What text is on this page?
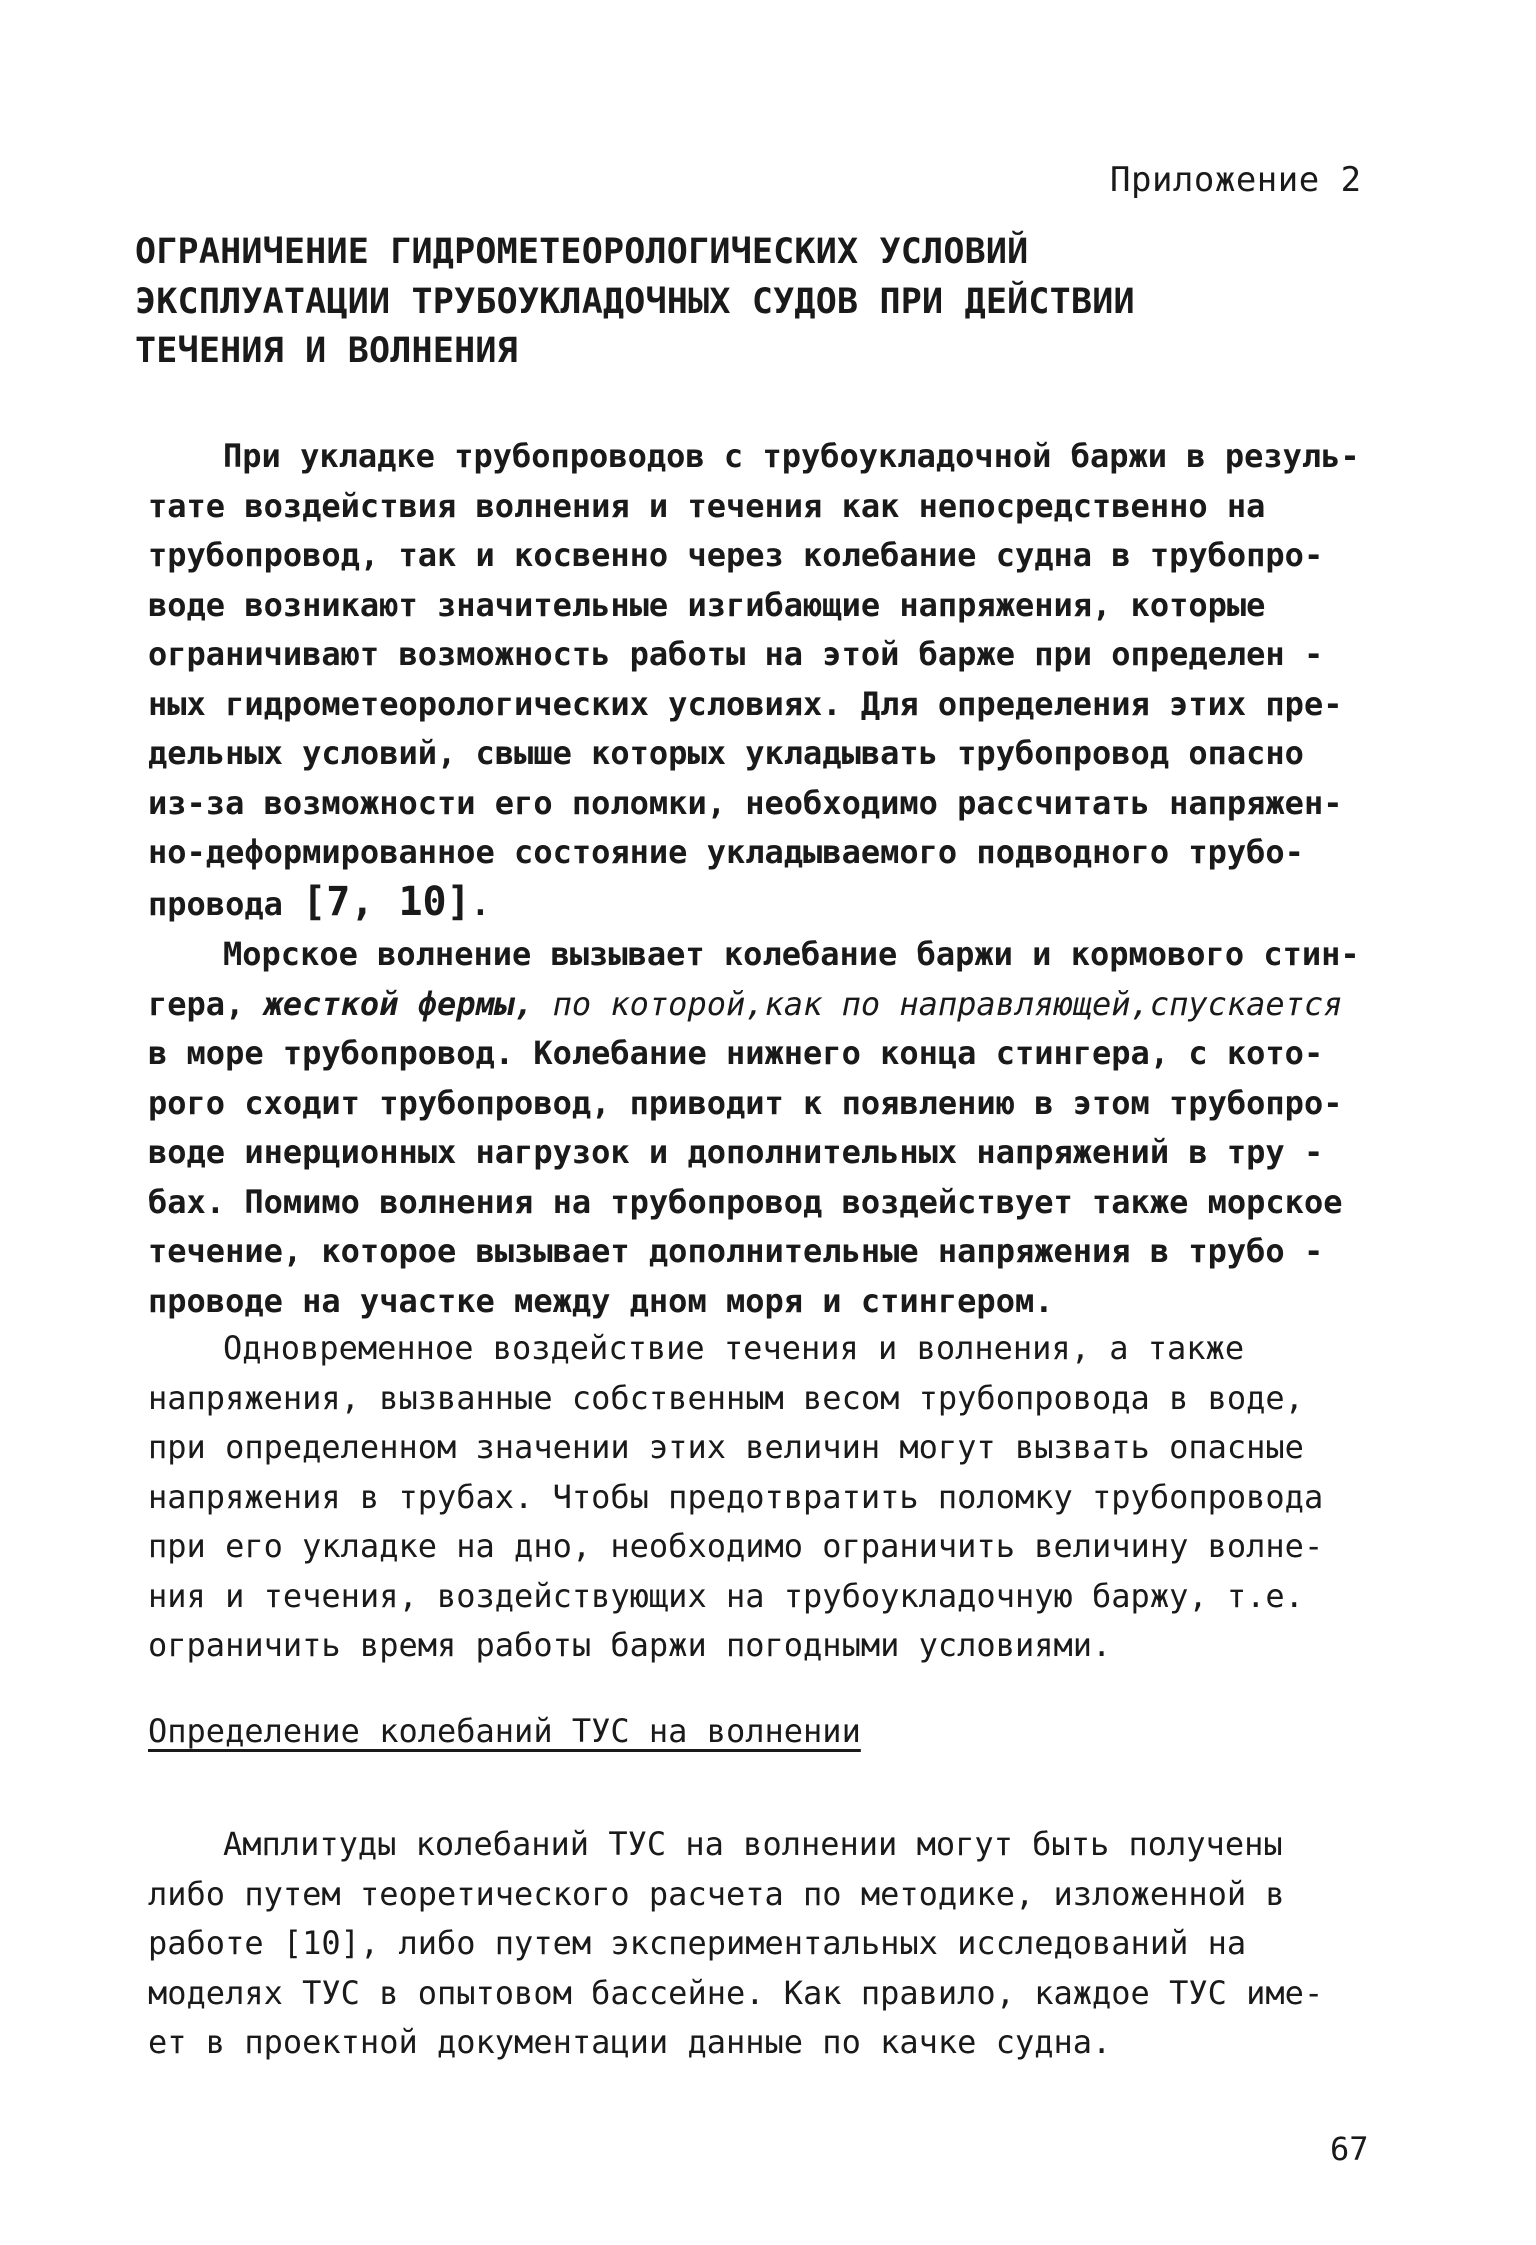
Приложение 2
ОГРАНИЧЕНИЕ ГИДРОМЕТЕОРОЛОГИЧЕСКИХ УСЛОВИЙ
ЭКСПЛУАТАЦИИ ТРУБОУКЛАДОЧНЫХ СУДОВ ПРИ ДЕЙСТВИИ
ТЕЧЕНИЯ И ВОЛНЕНИЯ
При укладке трубопроводов с трубоукладочной баржи в резуль-
тате воздействия волнения и течения как непосредственно на
трубопровод, так и косвенно через колебание судна в трубопро-
воде возникают значительные изгибающие напряжения, которые
ограничивают возможность работы на этой барже при определен -
ных гидрометеорологических условиях. Для определения этих пре-
дельных условий, свыше которых укладывать трубопровод опасно
из-за возможности его поломки, необходимо рассчитать напряжен-
но-деформированное состояние укладываемого подводного трубо-
провода [7, 10].
Морское волнение вызывает колебание баржи и кормового стин-
гера, жесткой фермы, по которой,как по направляющей,спускается
в море трубопровод. Колебание нижнего конца стингера, с кото-
рого сходит трубопровод, приводит к появлению в этом трубопро-
воде инерционных нагрузок и дополнительных напряжений в тру -
бах. Помимо волнения на трубопровод воздействует также морское
течение, которое вызывает дополнительные напряжения в трубо -
проводе на участке между дном моря и стингером.
Одновременное воздействие течения и волнения, а также
напряжения, вызванные собственным весом трубопровода в воде,
при определенном значении этих величин могут вызвать опасные
напряжения в трубах. Чтобы предотвратить поломку трубопровода
при его укладке на дно, необходимо ограничить величину волне-
ния и течения, воздействующих на трубоукладочную баржу, т.е.
ограничить время работы баржи погодными условиями.
Определение колебаний ТУС на волнении
Амплитуды колебаний ТУС на волнении могут быть получены
либо путем теоретического расчета по методике, изложенной в
работе [10], либо путем экспериментальных исследований на
моделях ТУС в опытовом бассейне. Как правило, каждое ТУС име-
ет в проектной документации данные по качке судна.
67
